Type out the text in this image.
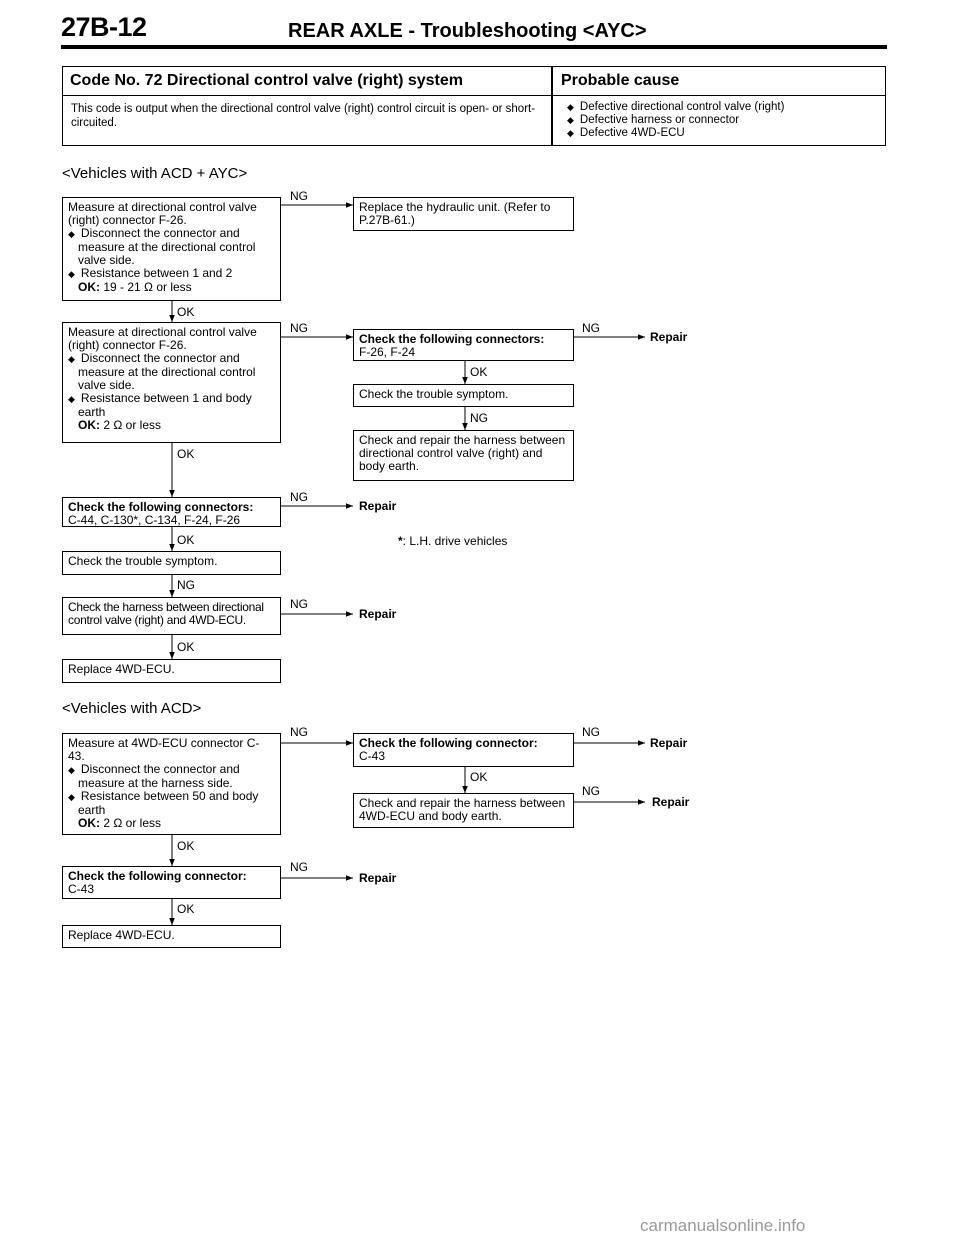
27B-12	REAR AXLE - Troubleshooting <AYC>
Code No. 72 Directional control valve (right) system	Probable cause
This code is output when the directional control valve (right) control circuit is open- or short-circuited.
◆ Defective directional control valve (right)
◆ Defective harness or connector
◆ Defective 4WD-ECU
<Vehicles with ACD + AYC>
Measure at directional control valve (right) connector F-26.
◆ Disconnect the connector and measure at the directional control valve side.
◆ Resistance between 1 and 2
OK: 19 - 21 Ω or less
Replace the hydraulic unit. (Refer to P.27B-61.)
Measure at directional control valve (right) connector F-26.
◆ Disconnect the connector and measure at the directional control valve side.
◆ Resistance between 1 and body earth
OK: 2 Ω or less
Check the following connectors:
F-26, F-24
Check the trouble symptom.
Check and repair the harness between directional control valve (right) and body earth.
Check the following connectors:
C-44, C-130*, C-134, F-24, F-26
*: L.H. drive vehicles
Check the trouble symptom.
Check the harness between directional control valve (right) and 4WD-ECU.
Replace 4WD-ECU.
NG
OK
NG	NG
Repair
OK
NG
OK
NG
Repair
OK
NG
NG
Repair
OK
<Vehicles with ACD>
Measure at 4WD-ECU connector C-43.
◆ Disconnect the connector and measure at the harness side.
◆ Resistance between 50 and body earth
OK: 2 Ω or less
Check the following connector:
C-43
Check and repair the harness between 4WD-ECU and body earth.
Check the following connector:
C-43
Replace 4WD-ECU.
NG	NG
Repair
OK
NG
Repair
OK
NG
Repair
OK
carmanualsonline.info
